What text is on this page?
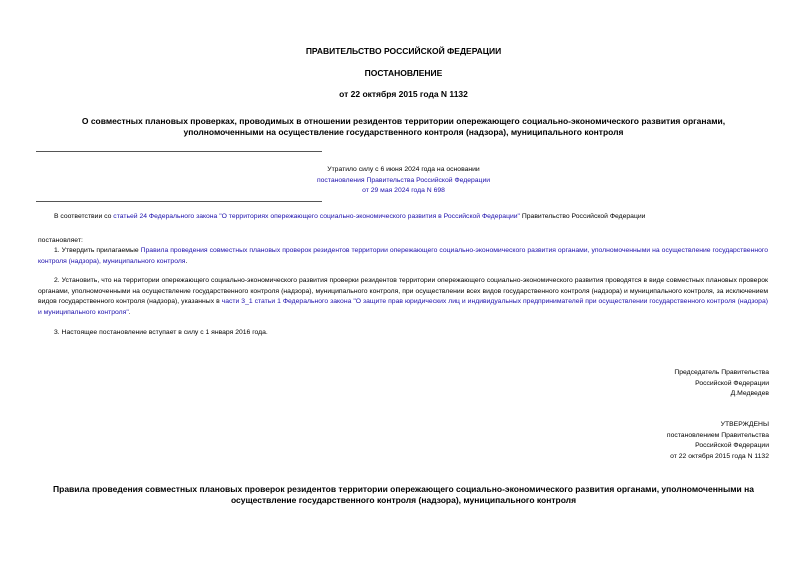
ПРАВИТЕЛЬСТВО РОССИЙСКОЙ ФЕДЕРАЦИИ
ПОСТАНОВЛЕНИЕ
от 22 октября 2015 года N 1132
О совместных плановых проверках, проводимых в отношении резидентов территории опережающего социально-экономического развития органами, уполномоченными на осуществление государственного контроля (надзора), муниципального контроля
Утратило силу с 6 июня 2024 года на основании
постановления Правительства Российской Федерации
от 29 мая 2024 года N 698
В соответствии со статьей 24 Федерального закона "О территориях опережающего социально-экономического развития в Российской Федерации" Правительство Российской Федерации
постановляет:
1. Утвердить прилагаемые Правила проведения совместных плановых проверок резидентов территории опережающего социально-экономического развития органами, уполномоченными на осуществление государственного контроля (надзора), муниципального контроля.
2. Установить, что на территории опережающего социально-экономического развития проверки резидентов территории опережающего социально-экономического развития проводятся в виде совместных плановых проверок органами, уполномоченными на осуществление государственного контроля (надзора), муниципального контроля, при осуществлении всех видов государственного контроля (надзора) и муниципального контроля, за исключением видов государственного контроля (надзора), указанных в части 3_1 статьи 1 Федерального закона "О защите прав юридических лиц и индивидуальных предпринимателей при осуществлении государственного контроля (надзора) и муниципального контроля".
3. Настоящее постановление вступает в силу с 1 января 2016 года.
Председатель Правительства
Российской Федерации
Д.Медведев
УТВЕРЖДЕНЫ
постановлением Правительства
Российской Федерации
от 22 октября 2015 года N 1132
Правила проведения совместных плановых проверок резидентов территории опережающего социально-экономического развития органами, уполномоченными на осуществление государственного контроля (надзора), муниципального контроля
